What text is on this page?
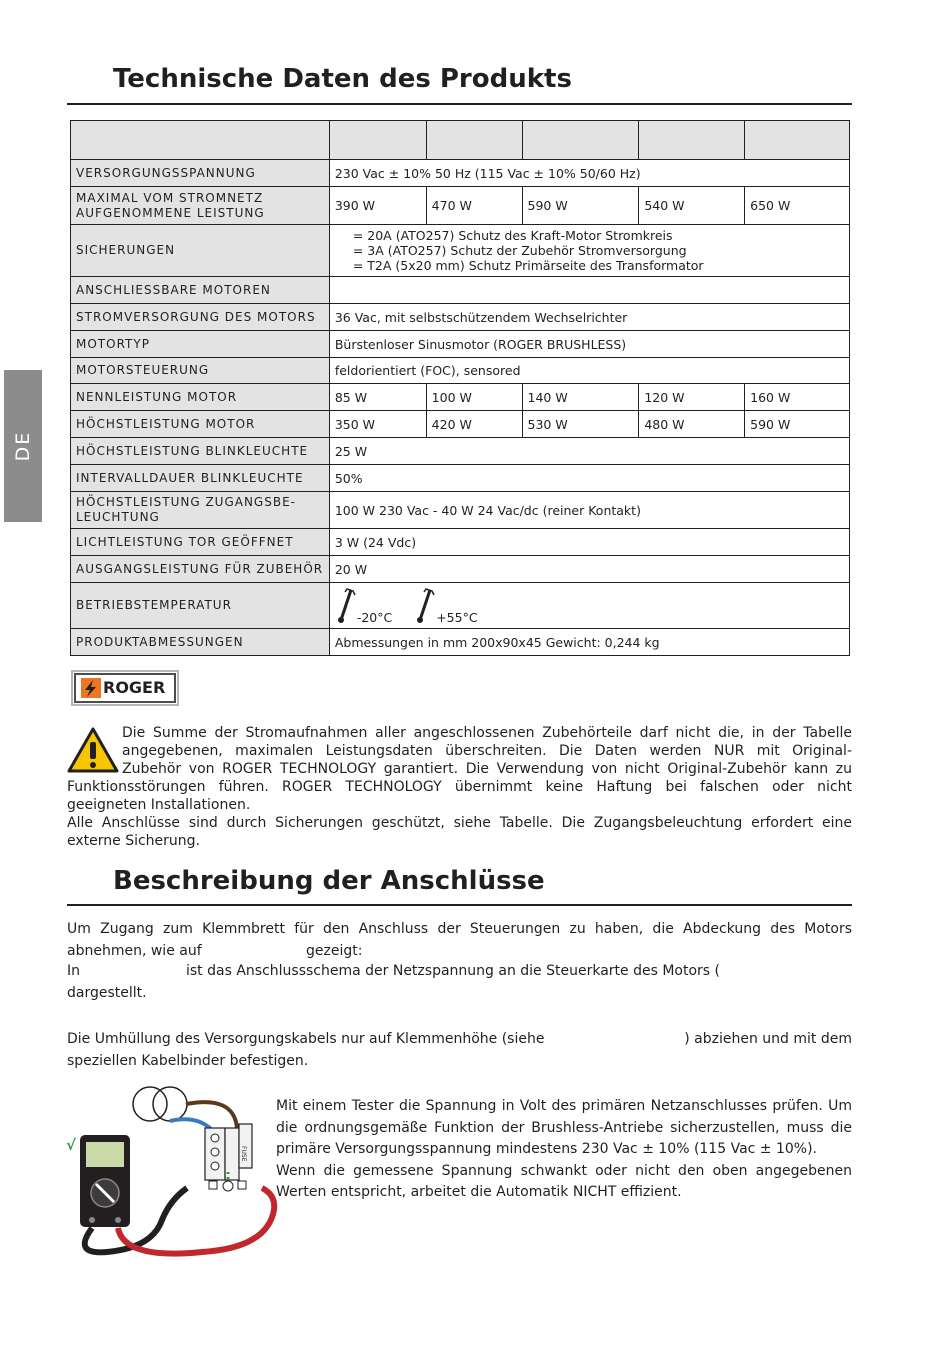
Technische Daten des Produkts
DE

VERSORGUNGSSPANNUNG	230 Vac ± 10% 50 Hz (115 Vac ± 10% 50/60 Hz)				
MAXIMAL VOM STROMNETZ AUFGENOMMENE LEISTUNG	390 W	470 W	590 W	540 W	650 W
SICHERUNGEN	= 20A (ATO257) Schutz des Kraft-Motor Stromkreis
= 3A (ATO257) Schutz der Zubehör Stromversorgung
= T2A (5x20 mm) Schutz Primärseite des Transformator				

ANSCHLIESSBARE MOTOREN					
STROMVERSORGUNG DES MOTORS	36 Vac, mit selbstschützendem Wechselrichter				
MOTORTYP	Bürstenloser Sinusmotor (ROGER BRUSHLESS)				
MOTORSTEUERUNG	feldorientiert (FOC), sensored				
NENNLEISTUNG MOTOR	85 W	100 W	140 W	120 W	160 W
HÖCHSTLEISTUNG MOTOR	350 W	420 W	530 W	480 W	590 W
HÖCHSTLEISTUNG BLINKLEUCHTE	25 W				
INTERVALLDAUER BLINKLEUCHTE	50%				
HÖCHSTLEISTUNG ZUGANGSBE-LEUCHTUNG	100 W 230 Vac - 40 W 24 Vac/dc (reiner Kontakt)				
LICHTLEISTUNG TOR GEÖFFNET	3 W (24 Vdc)				
AUSGANGSLEISTUNG FÜR ZUBEHÖR	20 W				
BETRIEBSTEMPERATUR	-20°C +55°C				
PRODUKTABMESSUNGEN	Abmessungen in mm 200x90x45 Gewicht: 0,244 kg				
ROGER

Die Summe der Stromaufnahmen aller angeschlossenen Zubehörteile darf nicht die, in der Tabelle

angegebenen, maximalen Leistungsdaten überschreiten. Die Daten werden NUR mit Original-

Zubehör von ROGER TECHNOLOGY garantiert. Die Verwendung von nicht Original-Zubehör kann zu

Funktionsstörungen führen. ROGER TECHNOLOGY übernimmt keine Haftung bei falschen oder nicht

geeigneten Installationen.

Alle Anschlüsse sind durch Sicherungen geschützt, siehe Tabelle. Die Zugangsbeleuchtung erfordert eine

externe Sicherung.

Beschreibung der Anschlüsse
Um Zugang zum Klemmbrett für den Anschluss der Steuerungen zu haben, die Abdeckung des Motors
abnehmen, wie auf	gezeigt:
In	ist das Anschlussschema der Netzspannung an die Steuerkarte des Motors (
dargestellt.
Die Umhüllung des Versorgungskabels nur auf Klemmenhöhe (siehe	) abziehen und mit dem
speziellen Kabelbinder befestigen.
FUSE
√
Mit einem Tester die Spannung in Volt des primären Netzanschlusses prüfen. Um die ordnungsgemäße Funktion der Brushless-Antriebe sicherzustellen, muss die primäre Versorgungsspannung mindestens 230 Vac ± 10% (115 Vac ± 10%).
Wenn die gemessene Spannung schwankt oder nicht den oben angegebenen Werten entspricht, arbeitet die Automatik NICHT effizient.
